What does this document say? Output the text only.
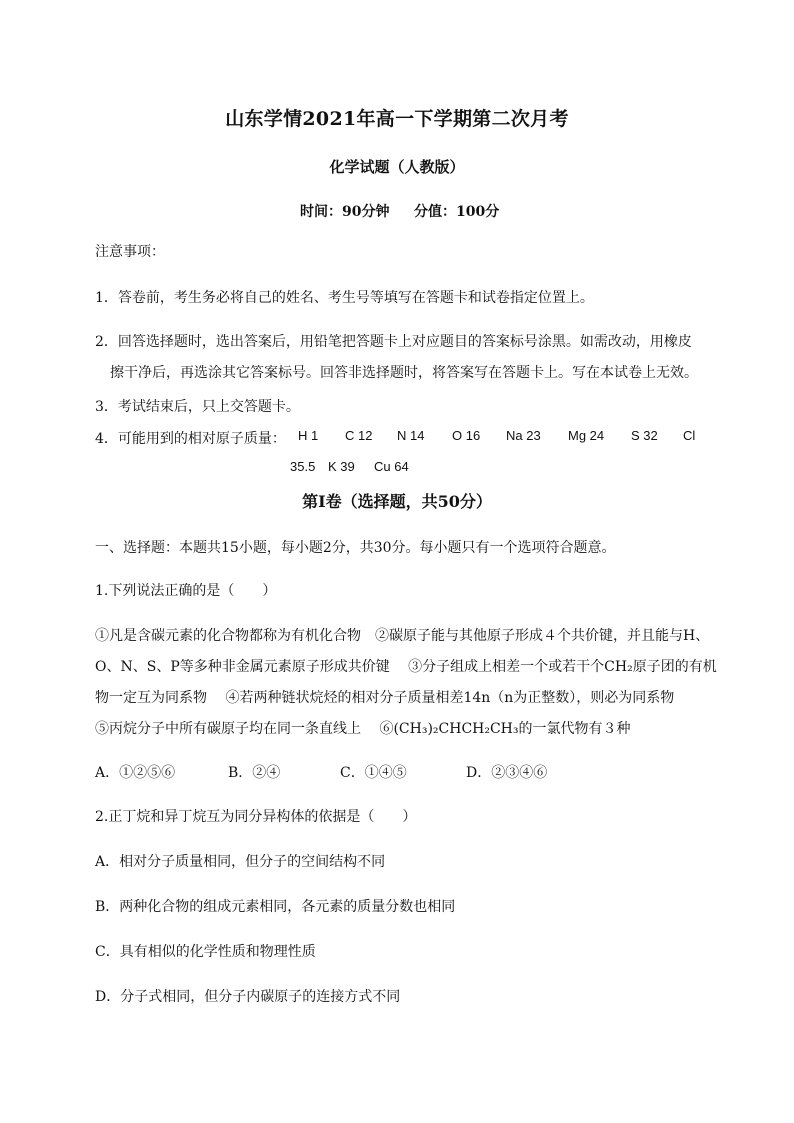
山东学情2021年高一下学期第二次月考
化学试题（人教版）
时间：90分钟 分值：100分
注意事项：
1．答卷前，考生务必将自己的姓名、考生号等填写在答题卡和试卷指定位置上。
2．回答选择题时，选出答案后，用铅笔把答题卡上对应题目的答案标号涂黑。如需改动，用橡皮
擦干净后，再选涂其它答案标号。回答非选择题时，将答案写在答题卡上。写在本试卷上无效。
3．考试结束后，只上交答题卡。
4．可能用到的相对原子质量： H 1 C 12 N 14 O 16 Na 23 Mg 24 S 32 Cl
35.5 K 39 Cu 64
第Ⅰ卷（选择题，共50分）
一、选择题：本题共15小题，每小题2分，共30分。每小题只有一个选项符合题意。
1.下列说法正确的是（　　）
①凡是含碳元素的化合物都称为有机化合物　②碳原子能与其他原子形成４个共价键，并且能与H、
O、N、S、P等多种非金属元素原子形成共价键　 ③分子组成上相差一个或若干个CH₂原子团的有机
物一定互为同系物　 ④若两种链状烷烃的相对分子质量相差14n（n为正整数），则必为同系物
⑤丙烷分子中所有碳原子均在同一条直线上　 ⑥(CH₃)₂CHCH₂CH₃的一氯代物有３种
A．①②⑤⑥	B．②④	C．①④⑤	D．②③④⑥
2.正丁烷和异丁烷互为同分异构体的依据是（　　）
A．相对分子质量相同，但分子的空间结构不同
B．两种化合物的组成元素相同，各元素的质量分数也相同
C．具有相似的化学性质和物理性质
D．分子式相同，但分子内碳原子的连接方式不同
